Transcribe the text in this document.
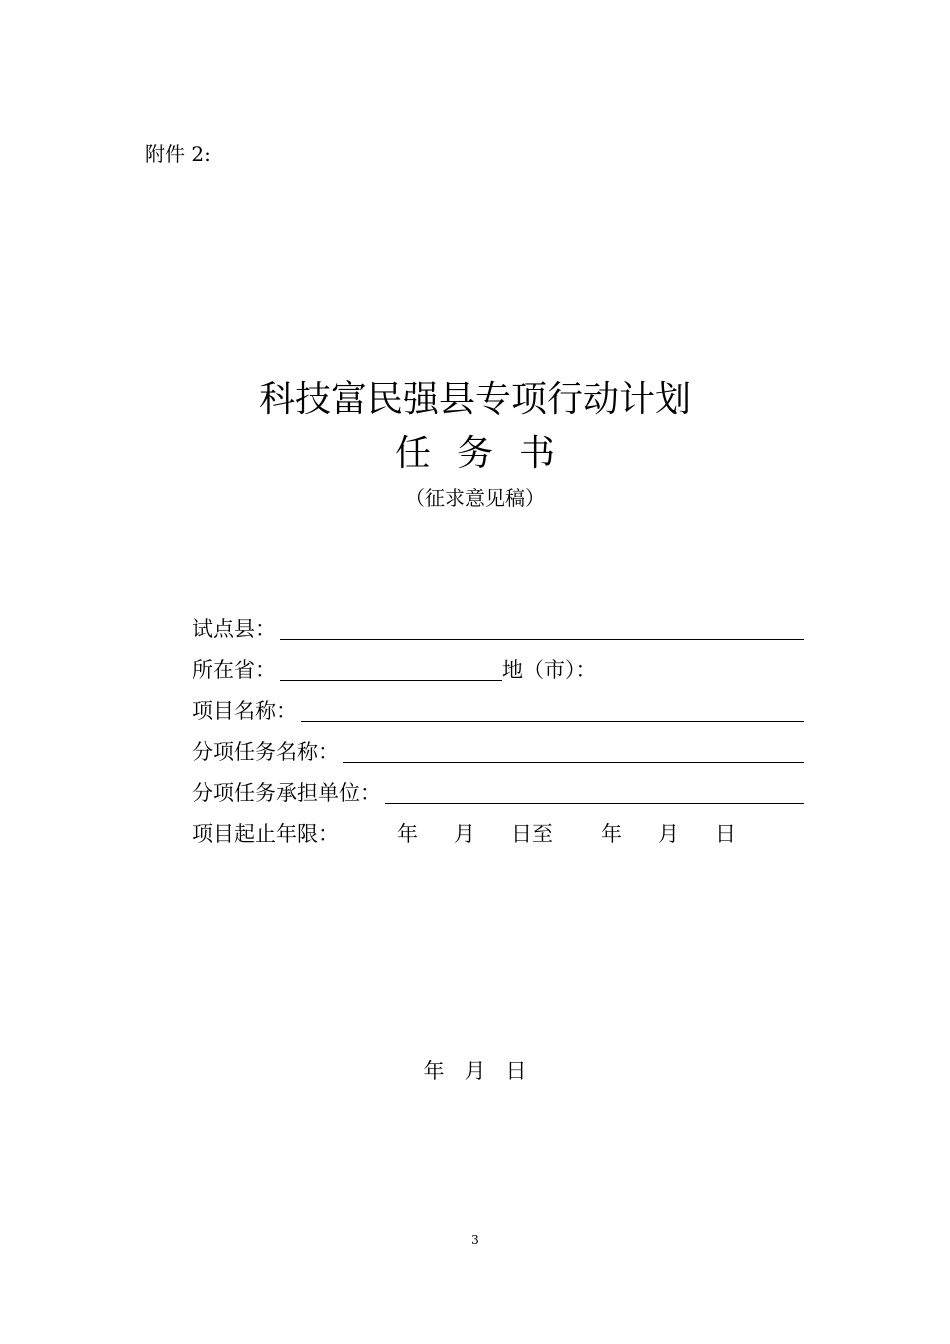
附件 2:
科技富民强县专项行动计划
任务书
（征求意见稿）
试点县：
所在省：	地（市）：
项目名称：
分项任务名称：
分项任务承担单位：
项目起止年限：	年 月 日至 年 月 日
年 月 日
3
